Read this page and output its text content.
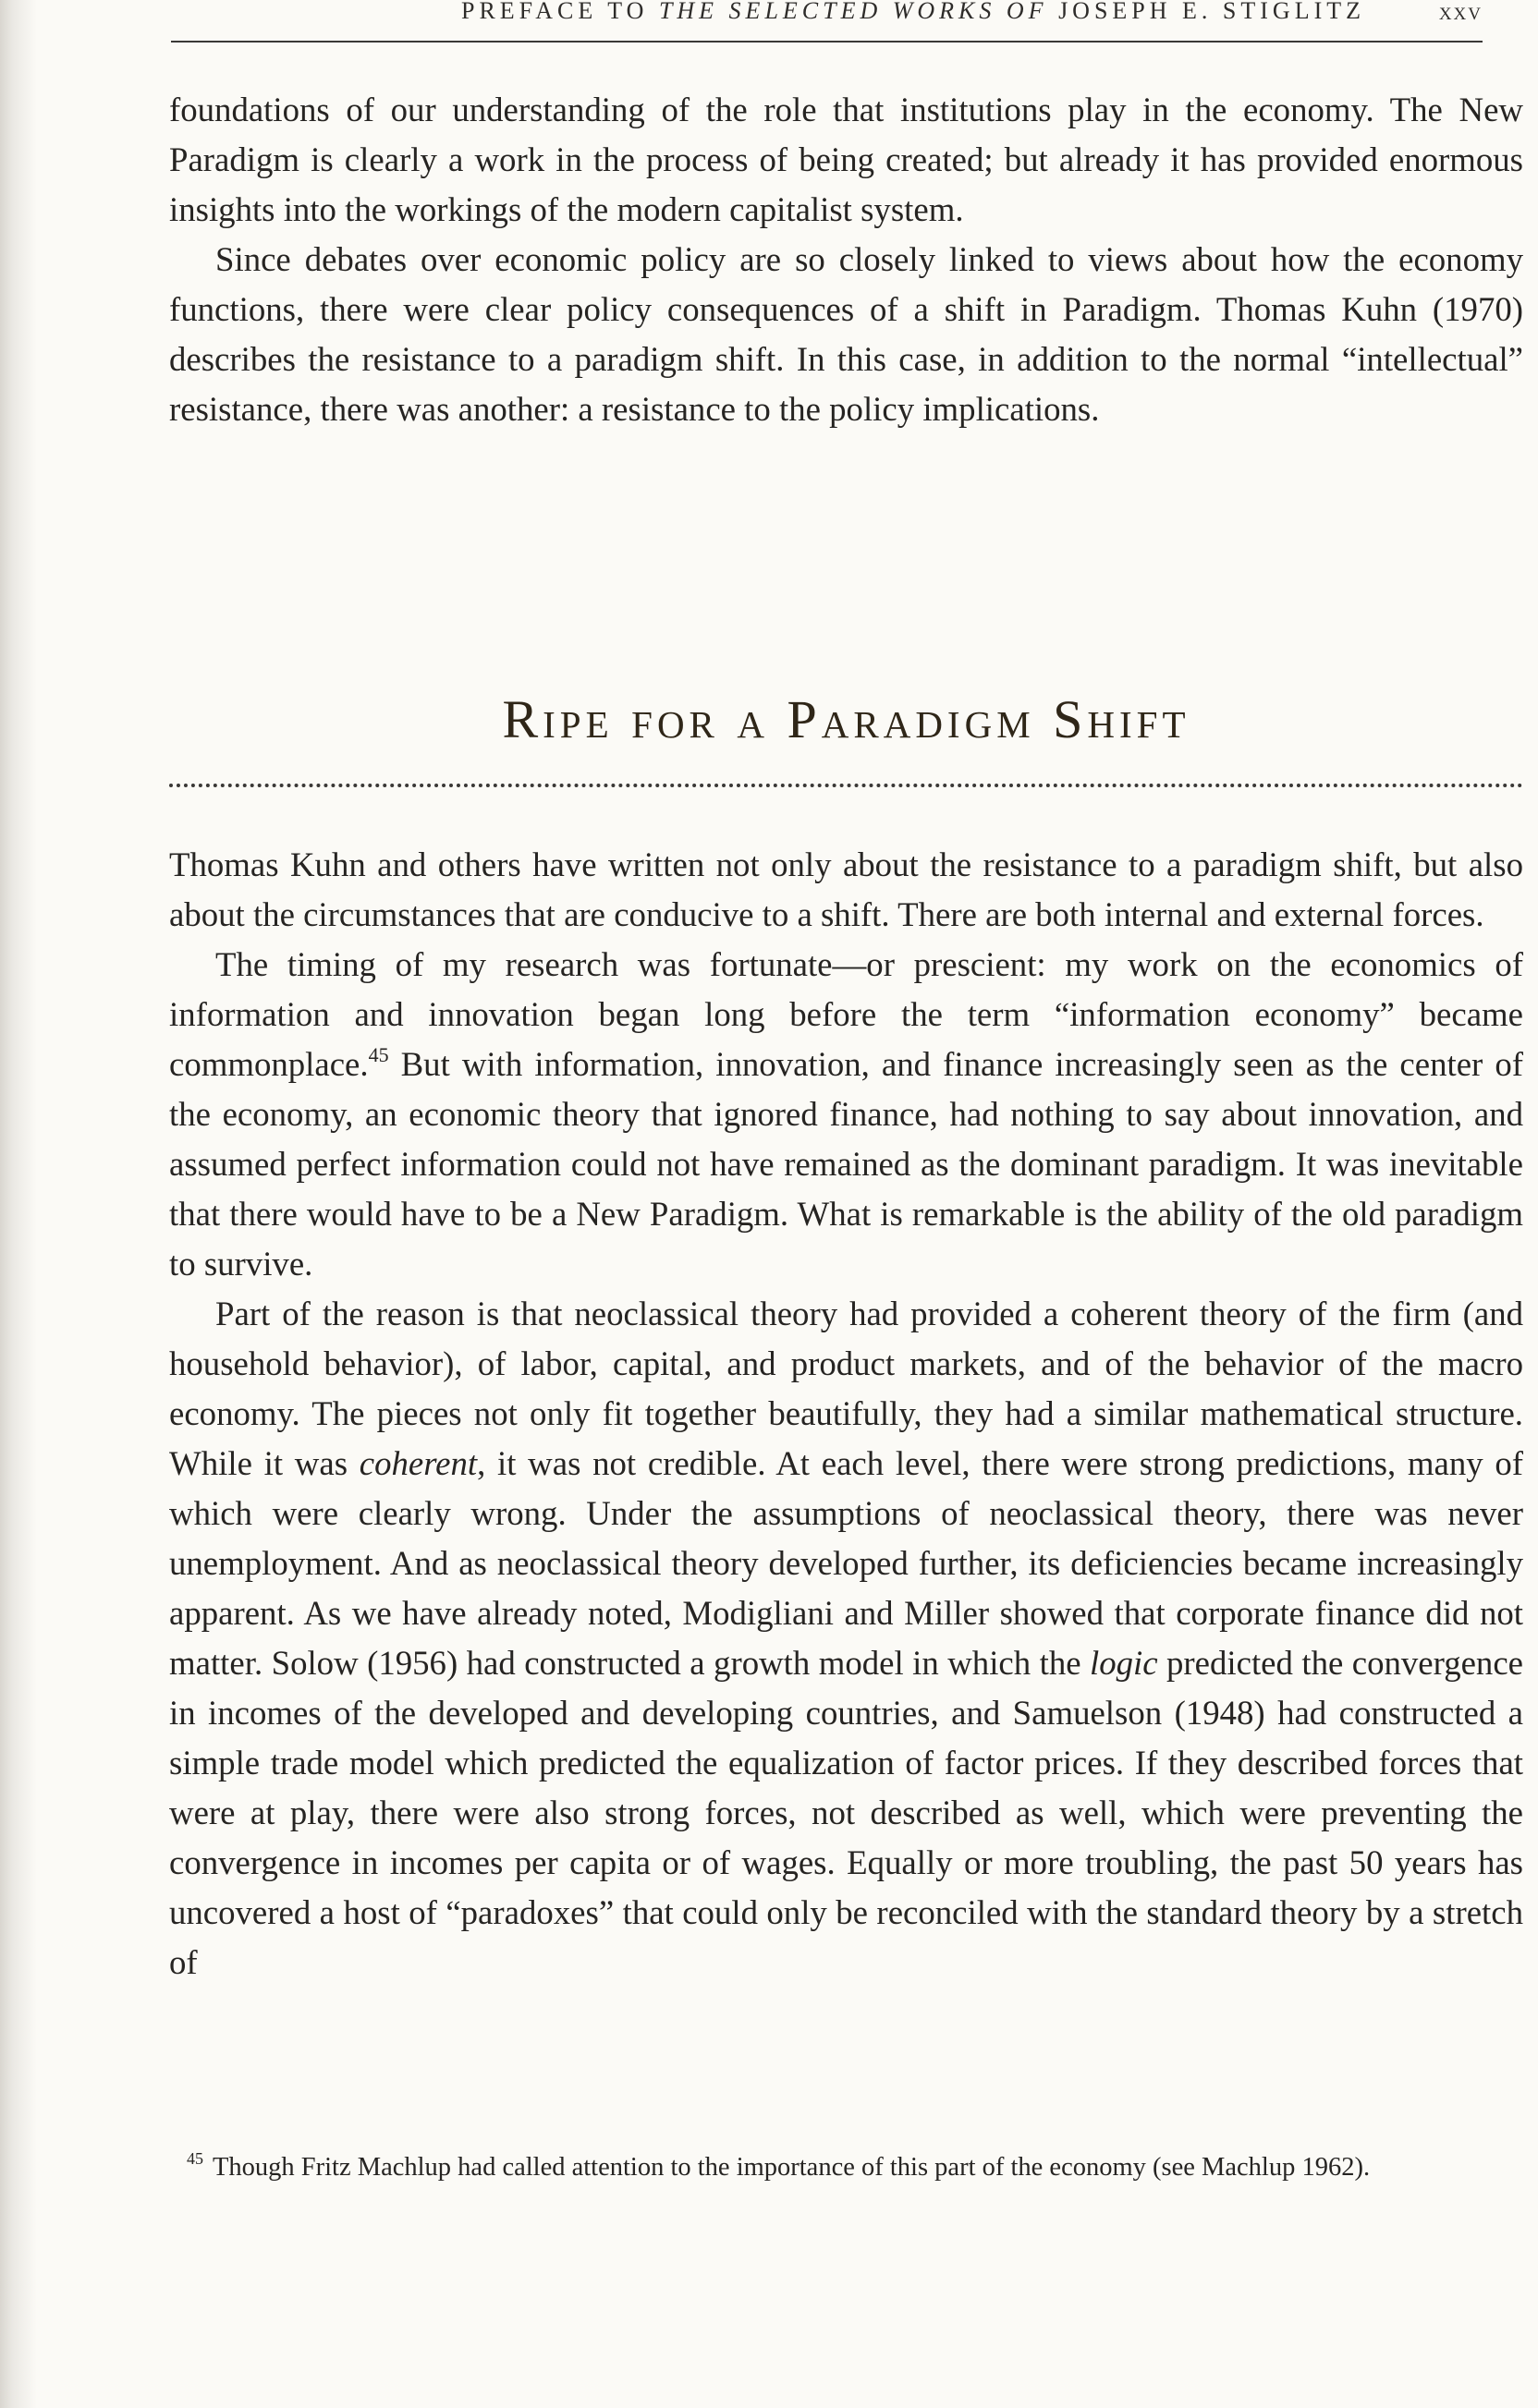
PREFACE TO THE SELECTED WORKS OF JOSEPH E. STIGLITZ	xxv

foundations of our understanding of the role that institutions play in the economy. The New Paradigm is clearly a work in the process of being created; but already it has provided enormous insights into the workings of the modern capitalist system.

Since debates over economic policy are so closely linked to views about how the economy functions, there were clear policy consequences of a shift in Paradigm. Thomas Kuhn (1970) describes the resistance to a paradigm shift. In this case, in addition to the normal “intellectual” resistance, there was another: a resistance to the policy implications.

Ripe for a Paradigm Shift

Thomas Kuhn and others have written not only about the resistance to a paradigm shift, but also about the circumstances that are conducive to a shift. There are both internal and external forces.

The timing of my research was fortunate—or prescient: my work on the economics of information and innovation began long before the term “information economy” became commonplace.$^{45}$ But with information, innovation, and finance increasingly seen as the center of the economy, an economic theory that ignored finance, had nothing to say about innovation, and assumed perfect information could not have remained as the dominant paradigm. It was inevitable that there would have to be a New Paradigm. What is remarkable is the ability of the old paradigm to survive.

Part of the reason is that neoclassical theory had provided a coherent theory of the firm (and household behavior), of labor, capital, and product markets, and of the behavior of the macro economy. The pieces not only fit together beautifully, they had a similar mathematical structure. While it was coherent, it was not credible. At each level, there were strong predictions, many of which were clearly wrong. Under the assumptions of neoclassical theory, there was never unemployment. And as neoclassical theory developed further, its deficiencies became increasingly apparent. As we have already noted, Modigliani and Miller showed that corporate finance did not matter. Solow (1956) had constructed a growth model in which the logic predicted the convergence in incomes of the developed and developing countries, and Samuelson (1948) had constructed a simple trade model which predicted the equalization of factor prices. If they described forces that were at play, there were also strong forces, not described as well, which were preventing the convergence in incomes per capita or of wages. Equally or more troubling, the past 50 years has uncovered a host of “paradoxes” that could only be reconciled with the standard theory by a stretch of

$^{45}$ Though Fritz Machlup had called attention to the importance of this part of the economy (see Machlup 1962).
